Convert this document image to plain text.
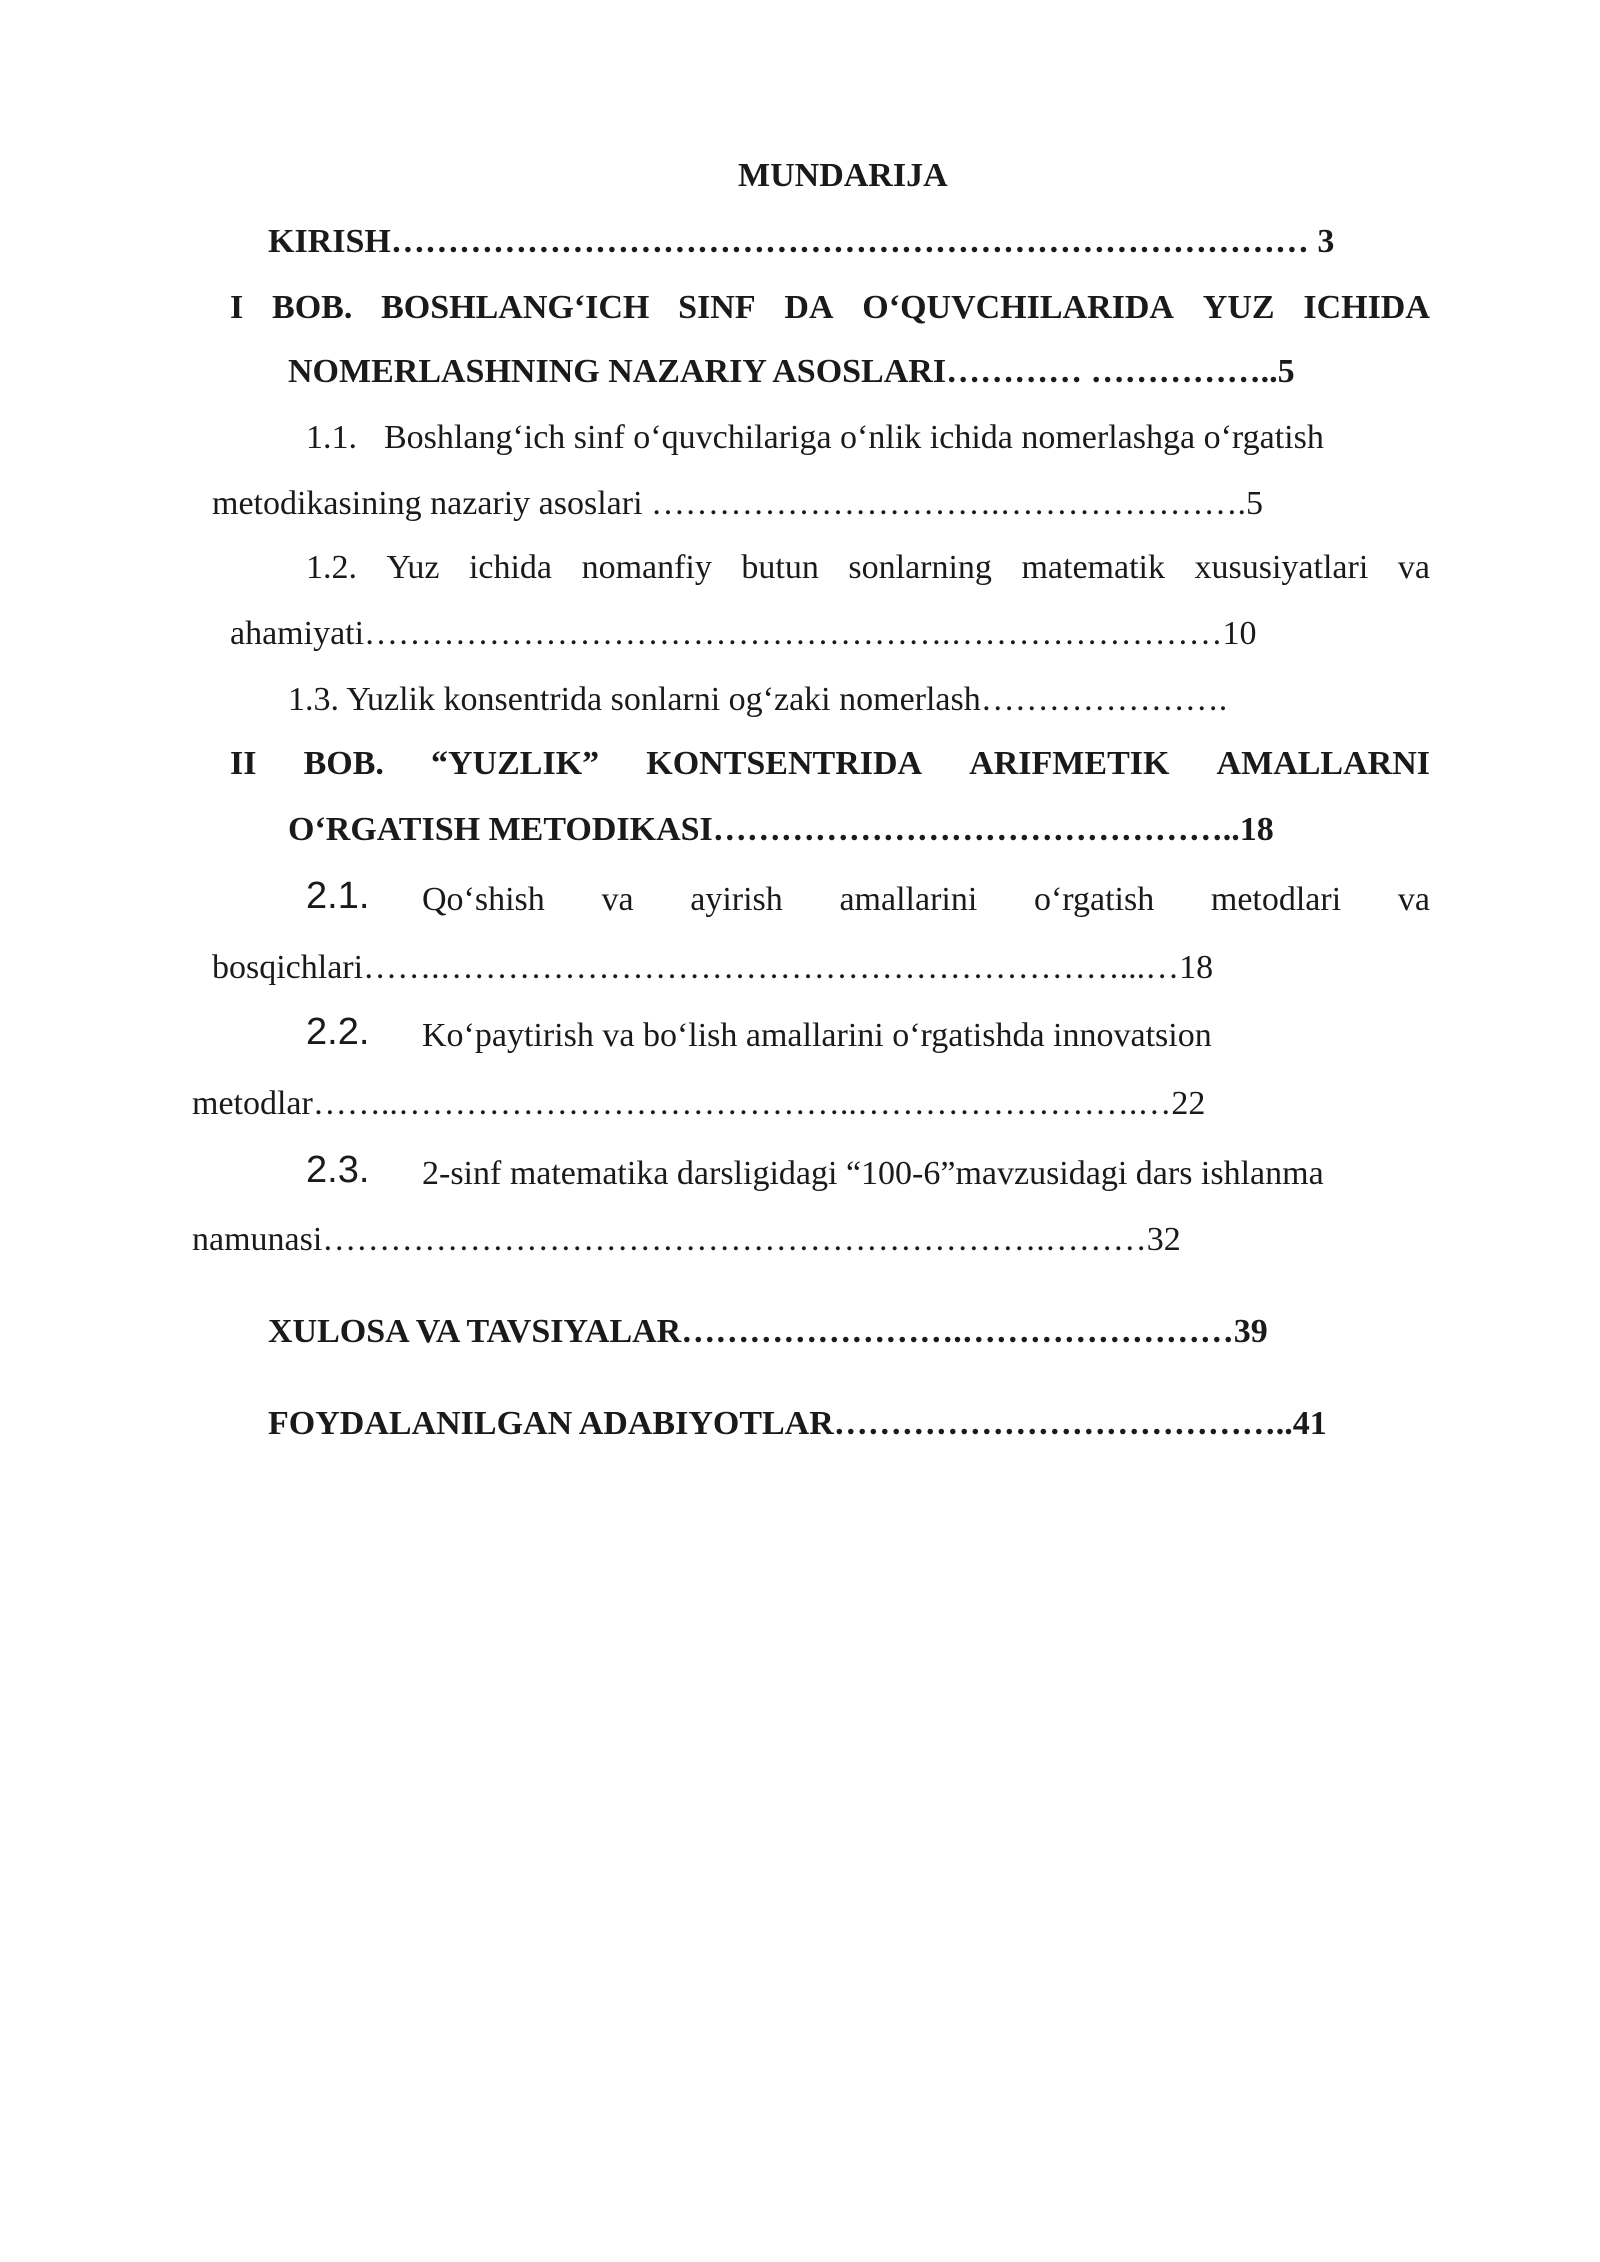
MUNDARIJA
KIRISH……………………………………………………………………… 3
I BOB. BOSHLANG‘ICH SINF DA O‘QUVCHILARIDA YUZ ICHIDA
NOMERLASHNING NAZARIY ASOSLARI………… ……………..5
1.1. Boshlang‘ich sinf o‘quvchilariga o‘nlik ichida nomerlashga o‘rgatish
metodikasining nazariy asoslari ………………………….………………….5
1.2. Yuz ichida nomanfiy butun sonlarning matematik xususiyatlari va
ahamiyati…………………………………………….……………………10
1.3. Yuzlik konsentrida sonlarni og‘zaki nomerlash………………….
II BOB. “YUZLIK” KONTSENTRIDA ARIFMETIK AMALLARNI
O‘RGATISH METODIKASI………………………………………..18
2.1. Qo‘shish va ayirish amallarini o‘rgatish metodlari va
bosqichlari…….……………………………………………………...…18
2.2. Ko‘paytirish va bo‘lish amallarini o‘rgatishda innovatsion
metodlar……..…………………………………..…………………….…22
2.3. 2-sinf matematika darsligidagi “100-6”mavzusidagi dars ishlanma
namunasi……………………………………………………….………32
XULOSA VA TAVSIYALAR…………………….……………………39
FOYDALANILGAN ADABIYOTLAR…………………………………..41
